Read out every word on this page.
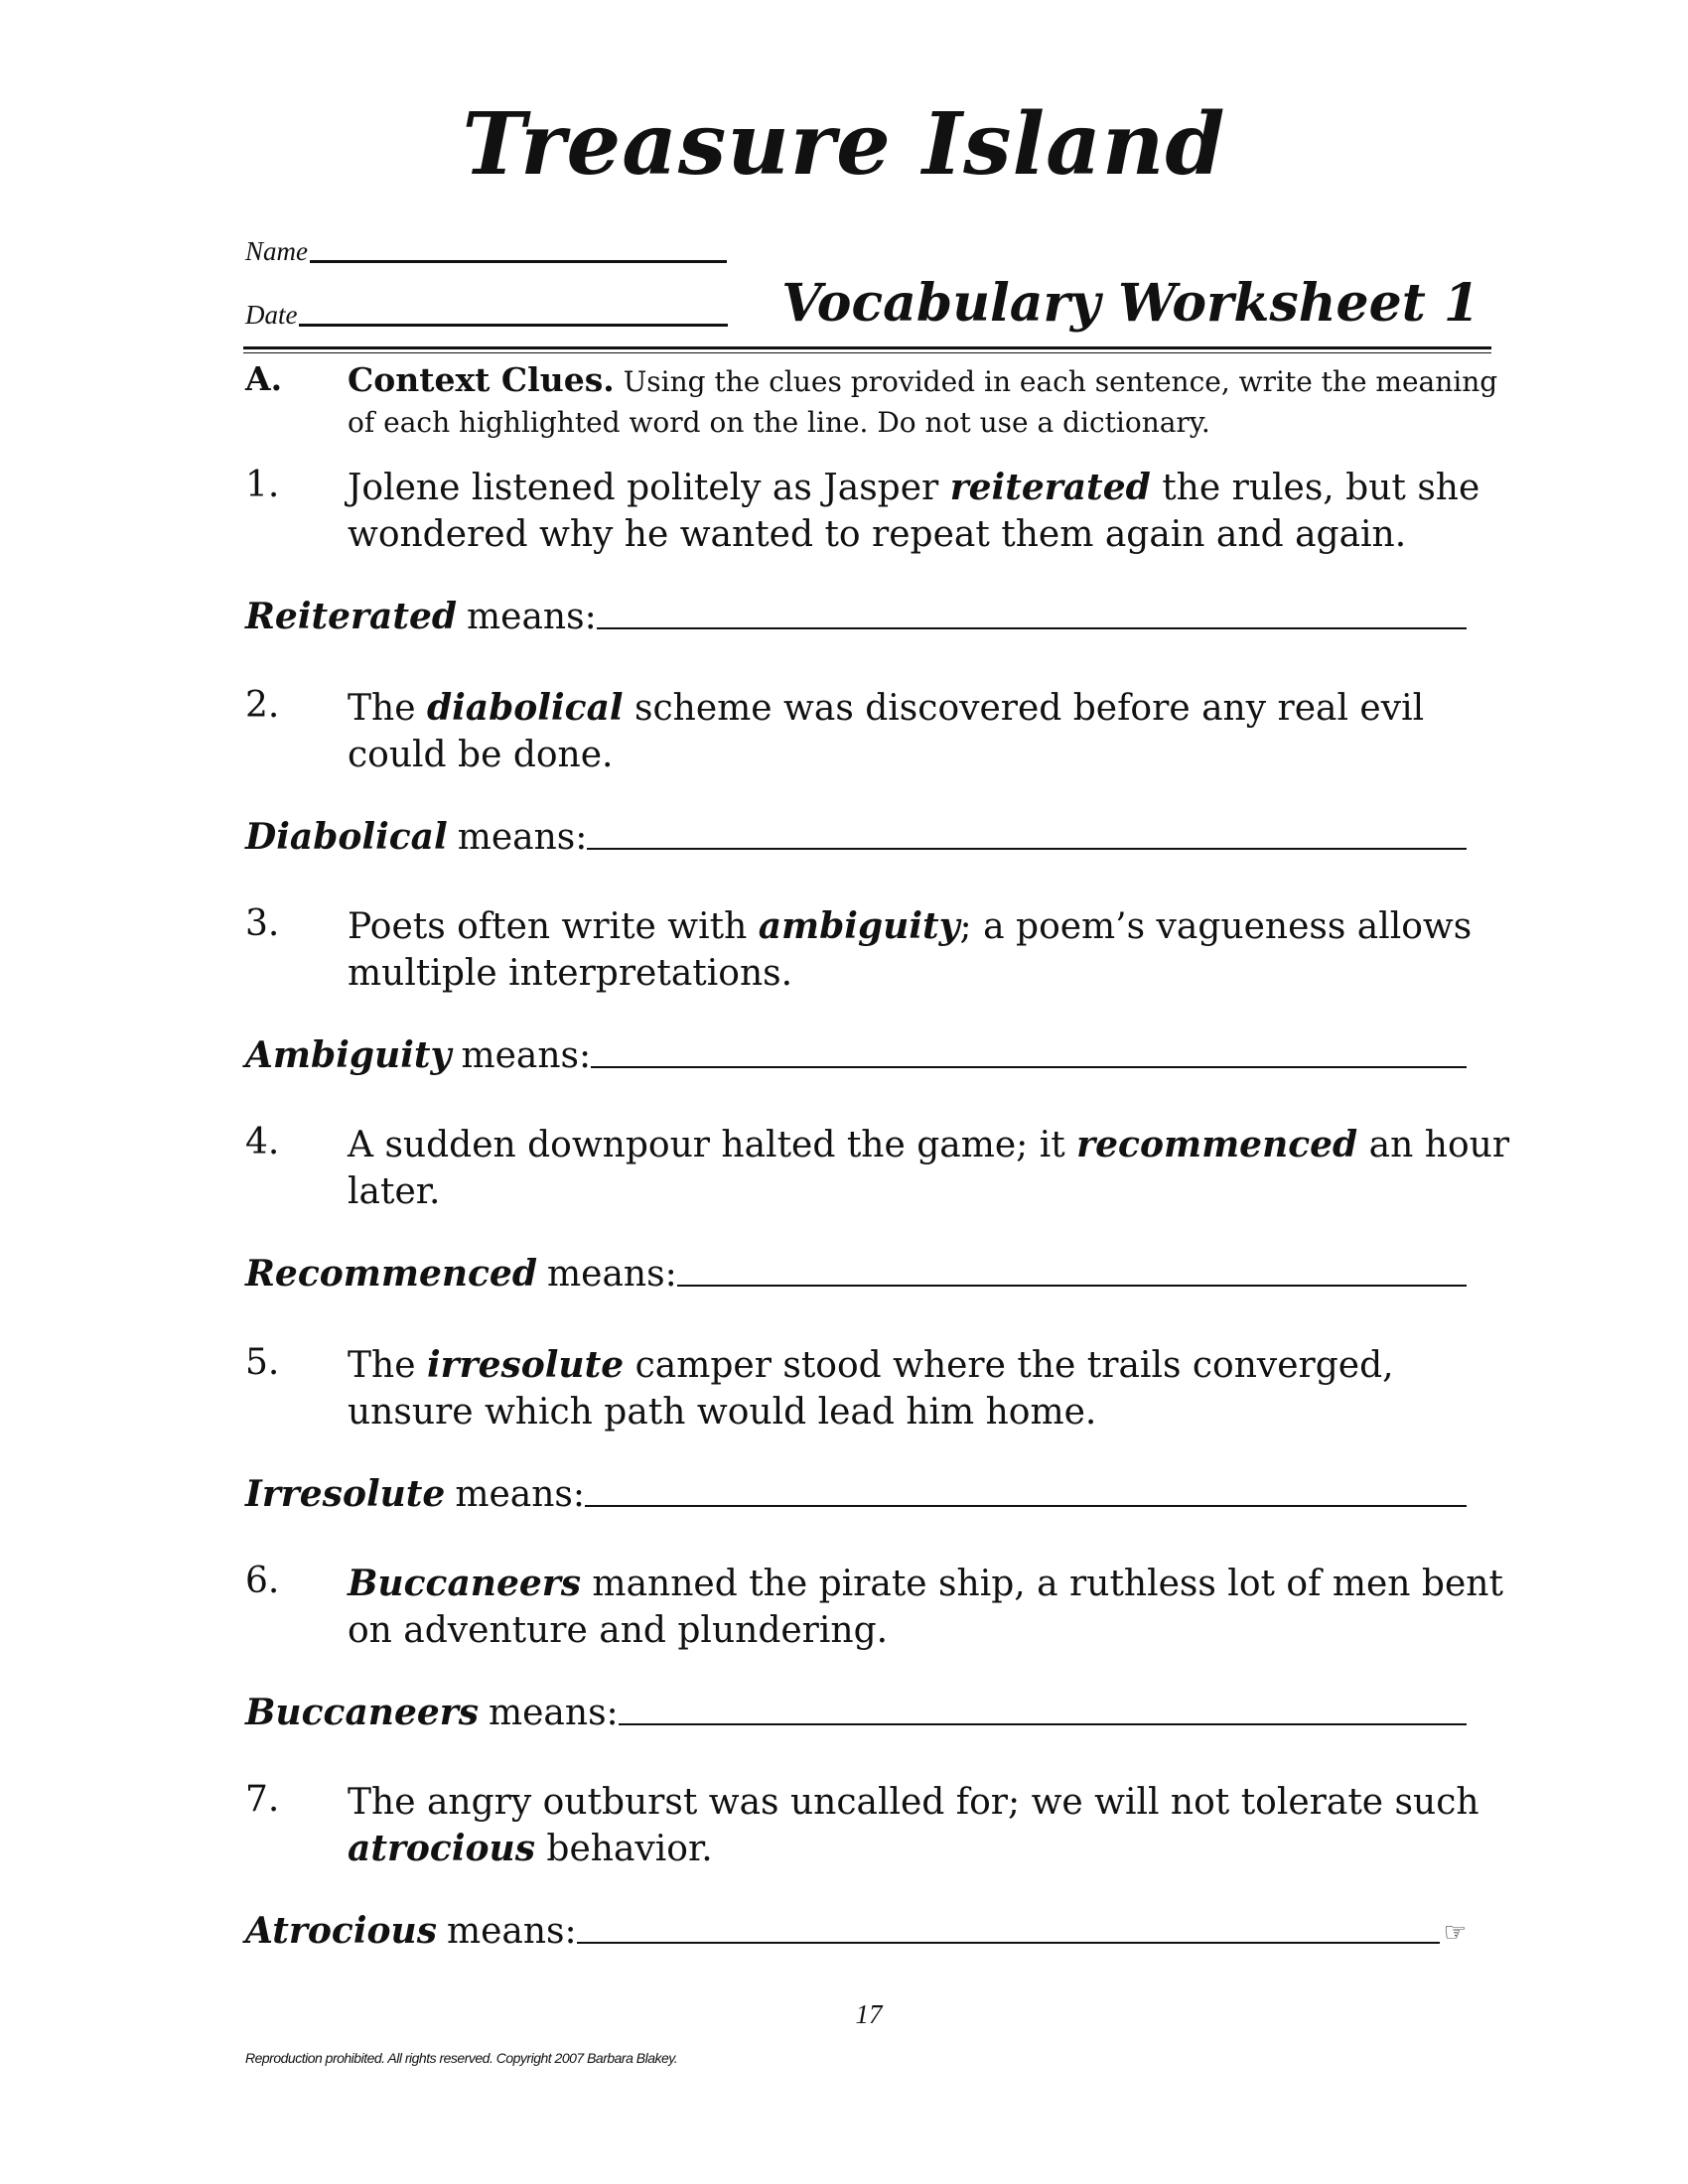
Treasure Island
Name
Date	Vocabulary Worksheet 1
A. Context Clues. Using the clues provided in each sentence, write the meaning of each highlighted word on the line. Do not use a dictionary.
1. Jolene listened politely as Jasper reiterated the rules, but she wondered why he wanted to repeat them again and again.
Reiterated means:
2. The diabolical scheme was discovered before any real evil could be done.
Diabolical means:
3. Poets often write with ambiguity; a poem’s vagueness allows multiple interpretations.
Ambiguity means:
4. A sudden downpour halted the game; it recommenced an hour later.
Recommenced means:
5. The irresolute camper stood where the trails converged, unsure which path would lead him home.
Irresolute means:
6. Buccaneers manned the pirate ship, a ruthless lot of men bent on adventure and plundering.
Buccaneers means:
7. The angry outburst was uncalled for; we will not tolerate such atrocious behavior.
Atrocious means:	☞
17
Reproduction prohibited. All rights reserved. Copyright 2007 Barbara Blakey.
